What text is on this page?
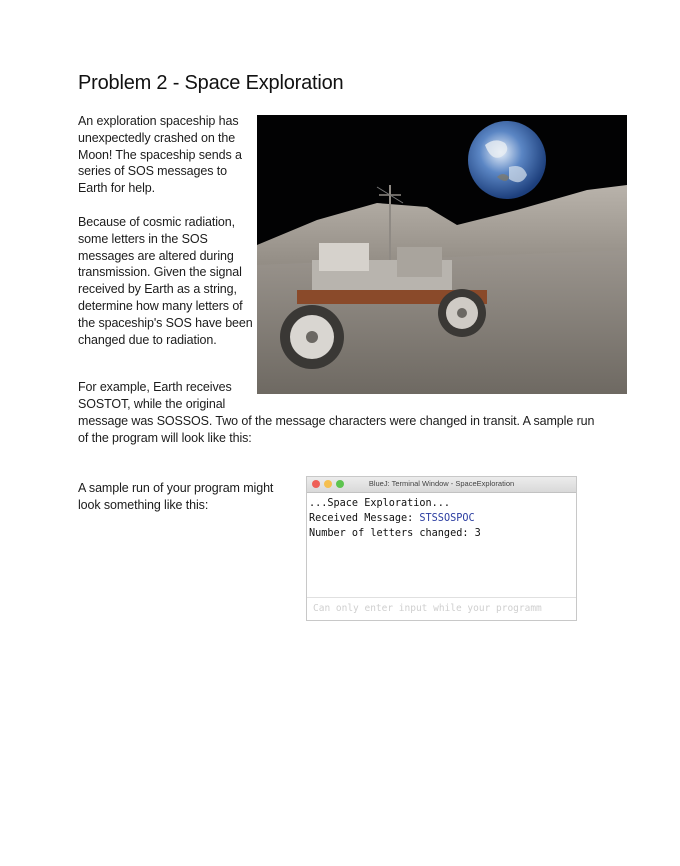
Problem 2 - Space Exploration
An exploration spaceship has unexpectedly crashed on the Moon! The spaceship sends a series of SOS messages to Earth for help.
Because of cosmic radiation, some letters in the SOS messages are altered during transmission. Given the signal received by Earth as a string, determine how many letters of the spaceship's SOS have been changed due to radiation.
For example, Earth receives SOSTOT, while the original
message was SOSSOS. Two of the message characters were changed in transit. A sample run of the program will look like this:
A sample run of your program might look something like this:
BlueJ: Terminal Window - SpaceExploration
...Space Exploration...
Received Message: STSSOSPOC
Number of letters changed: 3
Can only enter input while your programm
